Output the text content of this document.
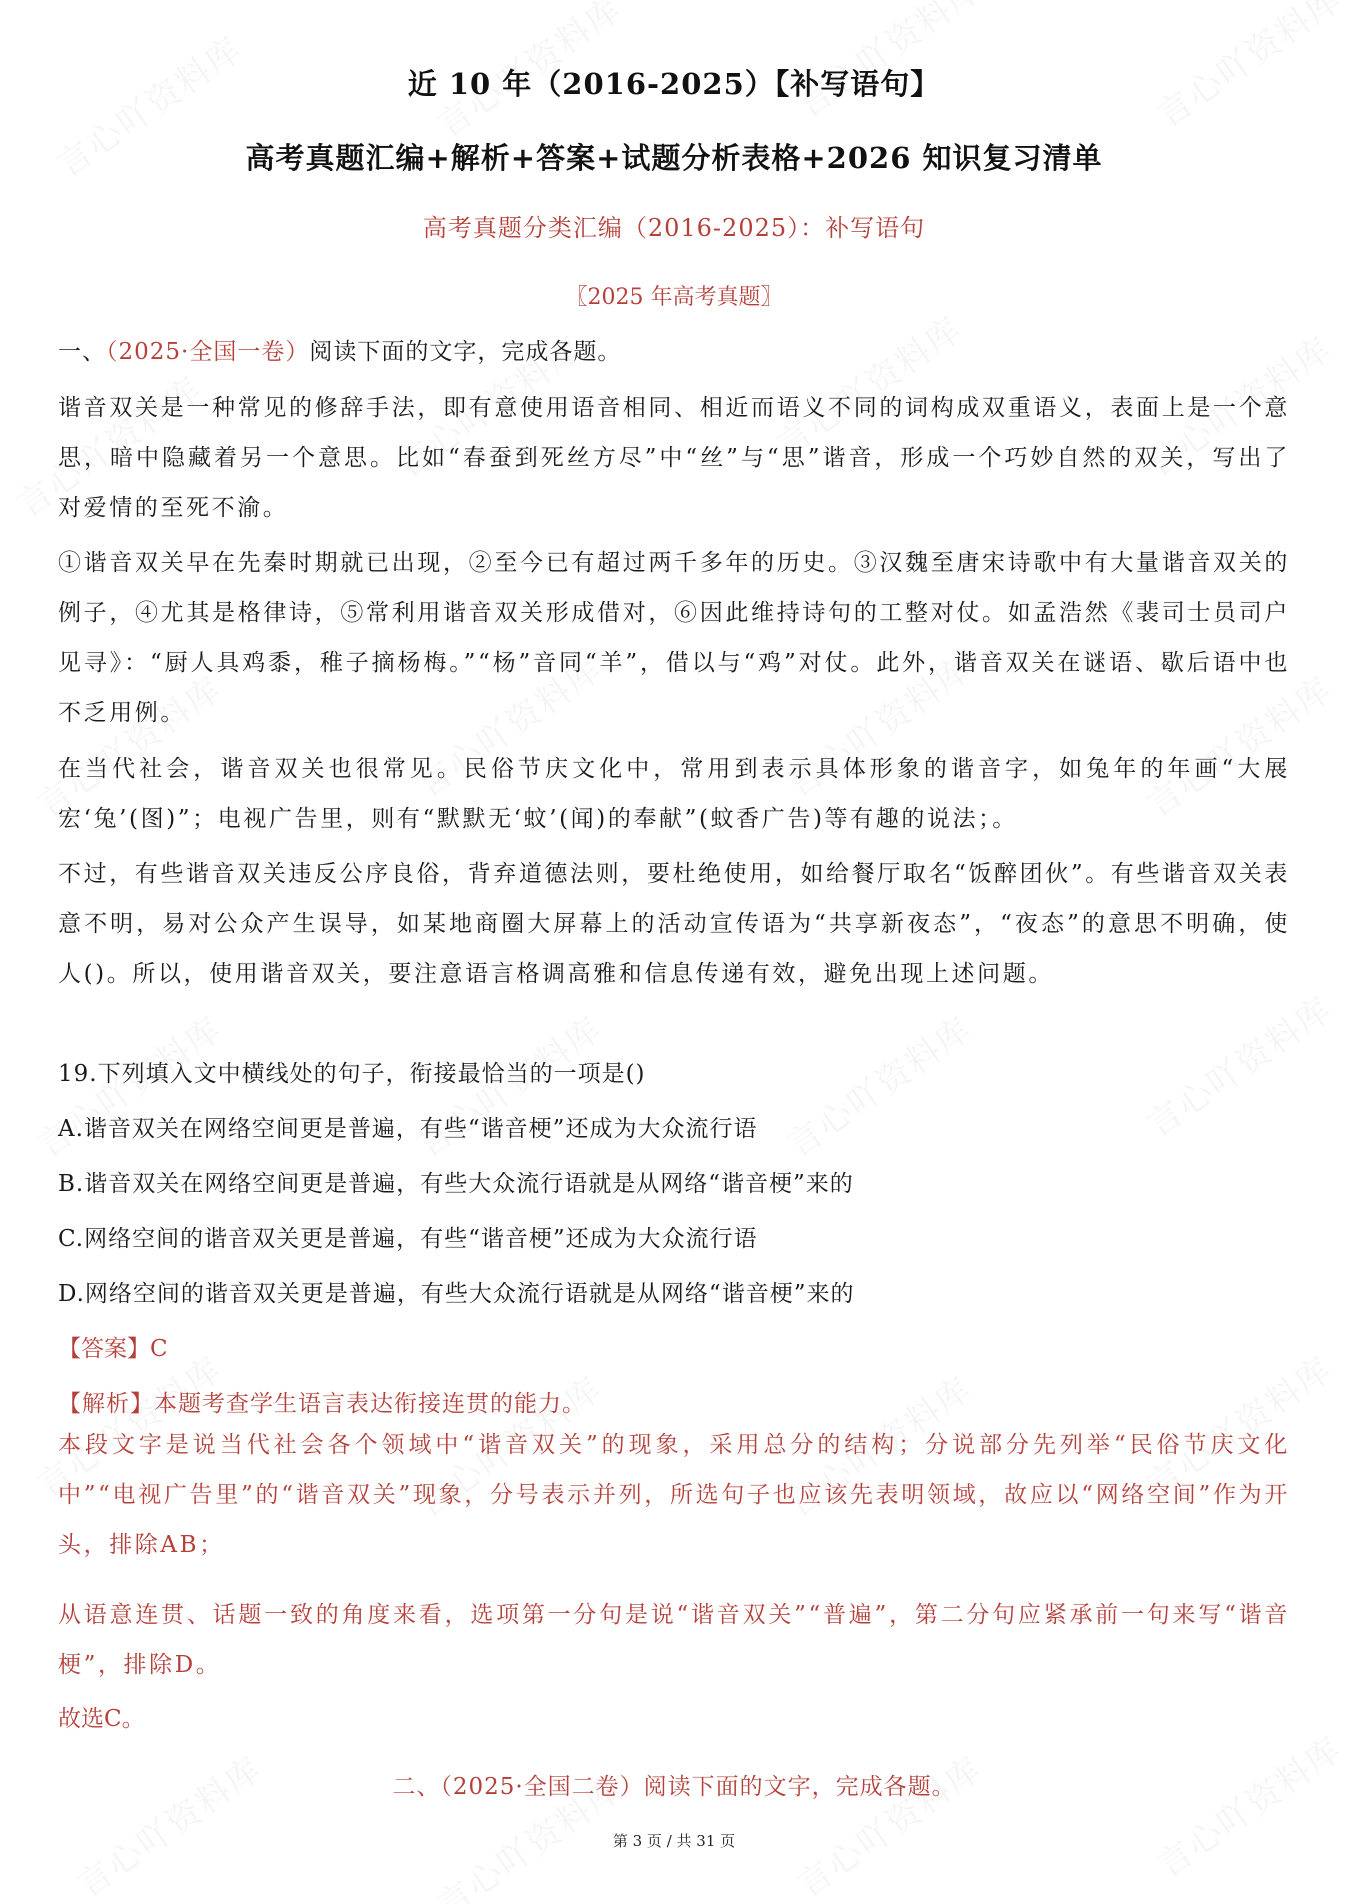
近 10 年（2016-2025）【补写语句】
高考真题汇编+解析+答案+试题分析表格+2026 知识复习清单
高考真题分类汇编（2016-2025）：补写语句
〖2025 年高考真题〗
一、（2025·全国一卷）阅读下面的文字，完成各题。
谐音双关是一种常见的修辞手法，即有意使用语音相同、相近而语义不同的词构成双重语义，表面上是一个意思，暗中隐藏着另一个意思。比如“春蚕到死丝方尽”中“丝”与“思”谐音，形成一个巧妙自然的双关，写出了对爱情的至死不渝。
①谐音双关早在先秦时期就已出现，②至今已有超过两千多年的历史。③汉魏至唐宋诗歌中有大量谐音双关的例子，④尤其是格律诗，⑤常利用谐音双关形成借对，⑥因此维持诗句的工整对仗。如孟浩然《裴司士员司户见寻》：“厨人具鸡黍，稚子摘杨梅。”“杨”音同“羊”，借以与“鸡”对仗。此外，谐音双关在谜语、歇后语中也不乏用例。
在当代社会，谐音双关也很常见。民俗节庆文化中，常用到表示具体形象的谐音字，如兔年的年画“大展宏‘兔’(图)”；电视广告里，则有“默默无‘蚊’(闻)的奉献”(蚊香广告)等有趣的说法；。
不过，有些谐音双关违反公序良俗，背弃道德法则，要杜绝使用，如给餐厅取名“饭醉团伙”。有些谐音双关表意不明，易对公众产生误导，如某地商圈大屏幕上的活动宣传语为“共享新夜态”，“夜态”的意思不明确，使人()。所以，使用谐音双关，要注意语言格调高雅和信息传递有效，避免出现上述问题。
19.下列填入文中横线处的句子，衔接最恰当的一项是()
A.谐音双关在网络空间更是普遍，有些“谐音梗”还成为大众流行语
B.谐音双关在网络空间更是普遍，有些大众流行语就是从网络“谐音梗”来的
C.网络空间的谐音双关更是普遍，有些“谐音梗”还成为大众流行语
D.网络空间的谐音双关更是普遍，有些大众流行语就是从网络“谐音梗”来的
【答案】C
【解析】本题考查学生语言表达衔接连贯的能力。
本段文字是说当代社会各个领域中“谐音双关”的现象，采用总分的结构；分说部分先列举“民俗节庆文化中”“电视广告里”的“谐音双关”现象，分号表示并列，所选句子也应该先表明领域，故应以“网络空间”作为开头，排除AB；
从语意连贯、话题一致的角度来看，选项第一分句是说“谐音双关”“普遍”，第二分句应紧承前一句来写“谐音梗”，排除D。
故选C。
二、（2025·全国二卷）阅读下面的文字，完成各题。
第 3 页 / 共 31 页
